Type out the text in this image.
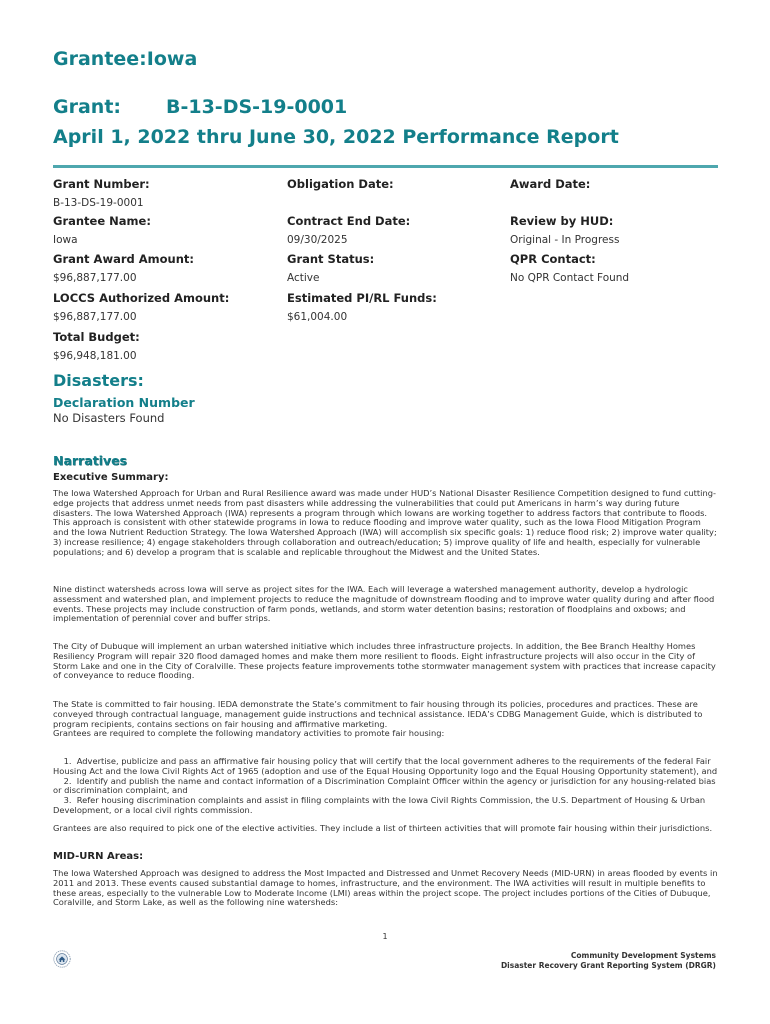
Grantee:Iowa
Grant: B-13-DS-19-0001
April 1, 2022 thru June 30, 2022 Performance Report
Grant Number:
B-13-DS-19-0001
Obligation Date:	Award Date:
Grantee Name:
Iowa
Contract End Date:
09/30/2025
Review by HUD:
Original - In Progress
Grant Award Amount:
$96,887,177.00
Grant Status:
Active
QPR Contact:
No QPR Contact Found
LOCCS Authorized Amount:
$96,887,177.00
Estimated PI/RL Funds:
$61,004.00
Total Budget:
$96,948,181.00
Disasters:
Declaration Number
No Disasters Found
Narratives
Executive Summary:

The Iowa Watershed Approach for Urban and Rural Resilience award was made under HUD’s National Disaster Resilience Competition designed to fund cutting-edge projects that address unmet needs from past disasters while addressing the vulnerabilities that could put Americans in harm’s way during future disasters. The Iowa Watershed Approach (IWA) represents a program through which Iowans are working together to address factors that contribute to floods. This approach is consistent with other statewide programs in Iowa to reduce flooding and improve water quality, such as the Iowa Flood Mitigation Program and the Iowa Nutrient Reduction Strategy. The Iowa Watershed Approach (IWA) will accomplish six specific goals: 1) reduce flood risk; 2) improve water quality; 3) increase resilience; 4) engage stakeholders through collaboration and outreach/education; 5) improve quality of life and health, especially for vulnerable populations; and 6) develop a program that is scalable and replicable throughout the Midwest and the United States.

Nine distinct watersheds across Iowa will serve as project sites for the IWA. Each will leverage a watershed management authority, develop a hydrologic assessment and watershed plan, and implement projects to reduce the magnitude of downstream flooding and to improve water quality during and after flood events. These projects may include construction of farm ponds, wetlands, and storm water detention basins; restoration of floodplains and oxbows; and implementation of perennial cover and buffer strips.

The City of Dubuque will implement an urban watershed initiative which includes three infrastructure projects. In addition, the Bee Branch Healthy Homes Resiliency Program will repair 320 flood damaged homes and make them more resilient to floods. Eight infrastructure projects will also occur in the City of Storm Lake and one in the City of Coralville. These projects feature improvements tothe stormwater management system with practices that increase capacity of conveyance to reduce flooding.

The State is committed to fair housing. IEDA demonstrate the State’s commitment to fair housing through its policies, procedures and practices. These are conveyed through contractual language, management guide instructions and technical assistance. IEDA’s CDBG Management Guide, which is distributed to program recipients, contains sections on fair housing and affirmative marketing.

Grantees are required to complete the following mandatory activities to promote fair housing:

1.  Advertise, publicize and pass an affirmative fair housing policy that will certify that the local government adheres to the requirements of the federal Fair Housing Act and the Iowa Civil Rights Act of 1965 (adoption and use of the Equal Housing Opportunity logo and the Equal Housing Opportunity statement), and

2.  Identify and publish the name and contact information of a Discrimination Complaint Officer within the agency or jurisdiction for any housing-related bias or discrimination complaint, and

3.  Refer housing discrimination complaints and assist in filing complaints with the Iowa Civil Rights Commission, the U.S. Department of Housing & Urban Development, or a local civil rights commission.

Grantees are also required to pick one of the elective activities. They include a list of thirteen activities that will promote fair housing within their jurisdictions.

MID-URN Areas:

The Iowa Watershed Approach was designed to address the Most Impacted and Distressed and Unmet Recovery Needs (MID-URN) in areas flooded by events in 2011 and 2013. These events caused substantial damage to homes, infrastructure, and the environment. The IWA activities will result in multiple benefits to these areas, especially to the vulnerable Low to Moderate Income (LMI) areas within the project scope. The project includes portions of the Cities of Dubuque, Coralville, and Storm Lake, as well as the following nine watersheds:

1
Community Development Systems
Disaster Recovery Grant Reporting System (DRGR)
